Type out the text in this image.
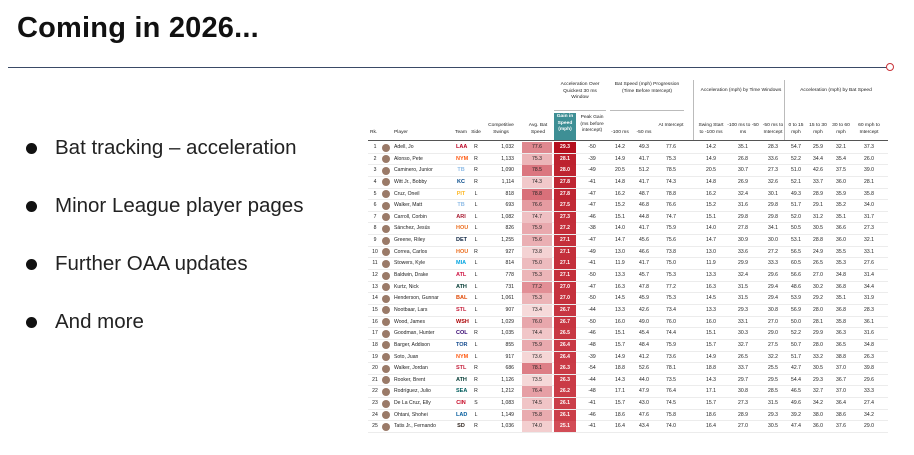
Coming in 2026...
Bat tracking – acceleration
Minor League player pages
Further OAA updates
And more
Acceleration Over Quickest 30 ms Window
Bat Speed (mph) Progression (Time Before Intercept)	Acceleration (mph) by Time Windows	Acceleration (mph) by Bat Speed
Rk.	Player	Team Side
Competitive Swings
Avg. Bat Speed
Gain in Speed (mph)
Peak Gain (ms before intercept)	-100 ms	-50 ms
At Intercept	Swing Start to -100 ms
-100 ms to -50 ms
-50 ms to Intercept
0 to 15 mph
15 to 30 mph
30 to 60 mph
60 mph to Intercept
1	Adell, Jo	LAA	R	1,032	77.6	29.3	-50	14.2	49.3	77.6	14.2	35.1	28.3	54.7	25.9	32.1	37.3
2	Alonso, Pete	NYM	R	1,133	75.3	28.1	-39	14.9	41.7	75.3	14.9	26.8	33.6	52.2	34.4	35.4	26.0
3	Caminero, Junior	TB	R	1,090	78.5	28.0	-49	20.5	51.2	78.5	20.5	30.7	27.3	51.0	42.6	37.5	39.0
4	Witt Jr., Bobby	KC	R	1,114	74.3	27.8	-41	14.8	41.7	74.3	14.8	26.9	32.6	52.1	33.7	36.0	28.1
5	Cruz, Oneil	PIT	L	818	78.8	27.8	-47	16.2	48.7	78.8	16.2	32.4	30.1	49.3	28.9	35.9	35.8
6	Walker, Matt	TB	L	693	76.6	27.5	-47	15.2	46.8	76.6	15.2	31.6	29.8	51.7	29.1	35.2	34.0
7	Carroll, Corbin	ARI	L	1,082	74.7	27.3	-46	15.1	44.8	74.7	15.1	29.8	29.8	52.0	31.2	35.1	31.7
8	Sánchez, Jesús	HOU	L	826	75.9	27.2	-38	14.0	41.7	75.9	14.0	27.8	34.1	50.5	30.5	36.6	27.3
9	Greene, Riley	DET	L	1,255	75.6	27.1	-47	14.7	45.6	75.6	14.7	30.9	30.0	53.1	28.8	36.0	32.1
10	Correa, Carlos	HOU	R	927	73.8	27.1	-49	13.0	46.6	73.8	13.0	33.6	27.2	56.5	24.9	35.5	33.1
11	Stowers, Kyle	MIA	L	814	75.0	27.1	-41	11.9	41.7	75.0	11.9	29.9	33.3	60.5	26.5	35.3	27.6
12	Baldwin, Drake	ATL	L	778	75.3	27.1	-50	13.3	45.7	75.3	13.3	32.4	29.6	56.6	27.0	34.8	31.4
13	Kurtz, Nick	ATH	L	731	77.2	27.0	-47	16.3	47.8	77.2	16.3	31.5	29.4	48.6	30.2	36.8	34.4
14	Henderson, Gunnar	BAL	L	1,061	75.3	27.0	-50	14.5	45.9	75.3	14.5	31.5	29.4	53.9	29.2	35.1	31.9
15	Nootbaar, Lars	STL	L	907	73.4	26.7	-44	13.3	42.6	73.4	13.3	29.3	30.8	56.9	28.0	36.8	28.3
16	Wood, James	WSH	L	1,029	76.0	26.7	-50	16.0	49.0	76.0	16.0	33.1	27.0	50.0	28.1	35.8	36.1
17	Goodman, Hunter	COL	R	1,035	74.4	26.5	-46	15.1	45.4	74.4	15.1	30.3	29.0	52.2	29.9	36.3	31.6
18	Barger, Addison	TOR	L	855	75.9	26.4	-48	15.7	48.4	75.9	15.7	32.7	27.5	50.7	28.0	36.5	34.8
19	Soto, Juan	NYM	L	917	73.6	26.4	-39	14.9	41.2	73.6	14.9	26.5	32.2	51.7	33.2	38.8	26.3
20	Walker, Jordan	STL	R	686	78.1	26.3	-54	18.8	52.6	78.1	18.8	33.7	25.5	42.7	30.5	37.0	39.8
21	Rooker, Brent	ATH	R	1,126	73.5	26.3	-44	14.3	44.0	73.5	14.3	29.7	29.5	54.4	29.3	36.7	29.6
22	Rodríguez, Julio	SEA	R	1,212	76.4	26.2	-48	17.1	47.9	76.4	17.1	30.8	28.5	46.5	32.7	37.0	33.3
23	De La Cruz, Elly	CIN	S	1,083	74.5	26.1	-41	15.7	43.0	74.5	15.7	27.3	31.5	49.6	34.2	36.4	27.4
24	Ohtani, Shohei	LAD	L	1,149	75.8	26.1	-46	18.6	47.6	75.8	18.6	28.9	29.3	39.2	38.0	38.6	34.2
25	Tatis Jr., Fernando	SD	R	1,036	74.0	25.1	-41	16.4	43.4	74.0	16.4	27.0	30.5	47.4	36.0	37.6	29.0
